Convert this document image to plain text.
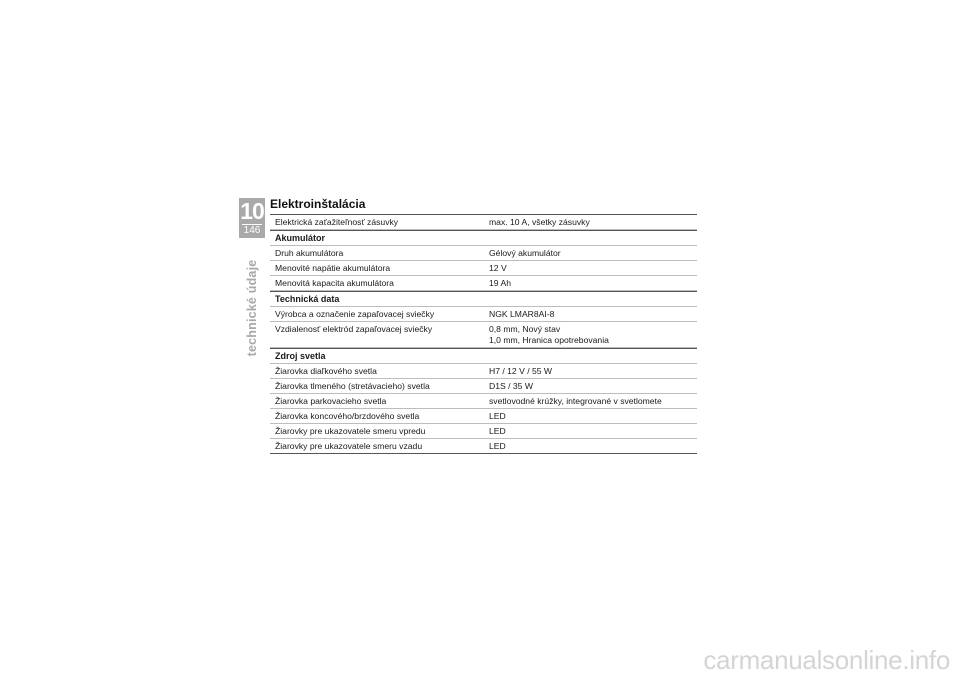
10
146
technické údaje
Elektroinštalácia
Elektrická zaťažiteľnosť zásuvky	max. 10 A, všetky zásuvky
Akumulátor
Druh akumulátora	Gélový akumulátor
Menovité napätie akumulátora	12 V
Menovitá kapacita akumulátora	19 Ah
Technická data
Výrobca a označenie zapaľovacej sviečky	NGK LMAR8AI-8
Vzdialenosť elektród zapaľovacej sviečky	0,8 mm, Nový stav
1,0 mm, Hranica opotrebovania
Zdroj svetla
Žiarovka diaľkového svetla	H7 / 12 V / 55 W
Žiarovka tlmeného (stretávacieho) svetla	D1S / 35 W
Žiarovka parkovacieho svetla	svetlovodné krúžky, integrované v svetlomete
Žiarovka koncového/brzdového svetla	LED
Žiarovky pre ukazovatele smeru vpredu	LED
Žiarovky pre ukazovatele smeru vzadu	LED
carmanualsonline.info
